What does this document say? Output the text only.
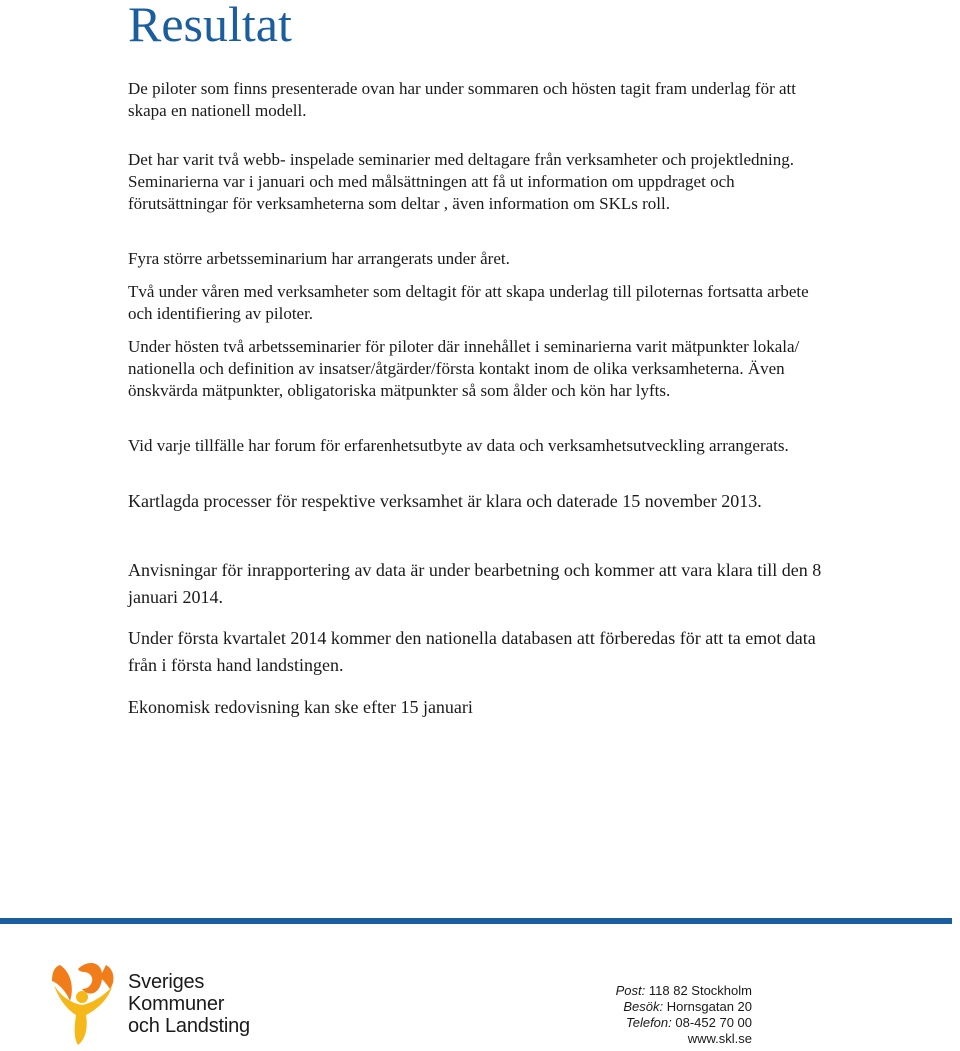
Resultat

De piloter som finns presenterade ovan har under sommaren och hösten tagit fram underlag för att skapa en nationell modell.

Det har varit två webb- inspelade seminarier med deltagare från verksamheter och projektledning. Seminarierna var i januari och med målsättningen att få ut information om uppdraget och förutsättningar för verksamheterna som deltar , även information om SKLs roll.

Fyra större arbetsseminarium har arrangerats under året.

Två under våren med verksamheter som deltagit för att skapa underlag till piloternas fortsatta arbete och identifiering av piloter.

Under hösten två arbetsseminarier för piloter där innehållet i seminarierna varit mätpunkter lokala/ nationella och definition av insatser/åtgärder/första kontakt inom de olika verksamheterna. Även önskvärda mätpunkter, obligatoriska mätpunkter så som ålder och kön har lyfts.

Vid varje tillfälle har forum för erfarenhetsutbyte av data och verksamhetsutveckling arrangerats.

Kartlagda processer för respektive verksamhet är klara och daterade 15 november 2013.

Anvisningar för inrapportering av data är under bearbetning och kommer att vara klara till den 8 januari 2014.

Under första kvartalet 2014 kommer den nationella databasen att förberedas för att ta emot data från i första hand landstingen.

Ekonomisk redovisning kan ske efter 15 januari

Sveriges
Kommuner
och Landsting
Post: 118 82 Stockholm
Besök: Hornsgatan 20
Telefon: 08-452 70 00
www.skl.se
